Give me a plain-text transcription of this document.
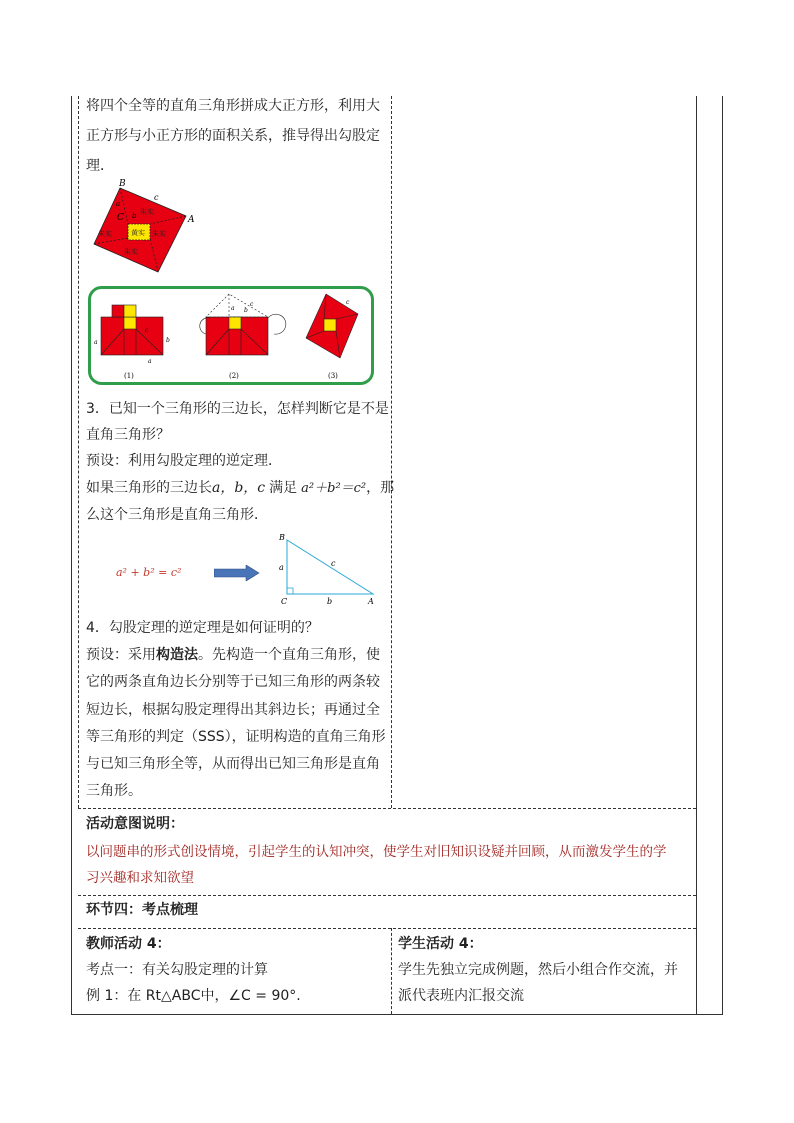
将四个全等的直角三角形拼成大正方形，利用大
正方形与小正方形的面积关系，推导得出勾股定
理．
B
C	A
c
a
b 朱实
朱实	朱实
朱实
黄实
a	b
a
c
(1)
c
a b
(2)
c
(3)
3．已知一个三角形的三边长，怎样判断它是不是
直角三角形？
预设：利用勾股定理的逆定理．
如果三角形的三边长a，b，c 满足 a²＋b²＝c²，那
么这个三角形是直角三角形．
a² + b² = c²
B
C	A
a
b
c
4．勾股定理的逆定理是如何证明的？
预设：采用构造法。先构造一个直角三角形，使
它的两条直角边长分别等于已知三角形的两条较
短边长，根据勾股定理得出其斜边长；再通过全
等三角形的判定（SSS），证明构造的直角三角形
与已知三角形全等，从而得出已知三角形是直角
三角形。
活动意图说明：
以问题串的形式创设情境，引起学生的认知冲突，使学生对旧知识设疑并回顾，从而激发学生的学
习兴趣和求知欲望
环节四：考点梳理
教师活动 4：
考点一：有关勾股定理的计算
例 1：在 Rt△ABC中，∠C = 90°.
学生活动 4：
学生先独立完成例题，然后小组合作交流，并
派代表班内汇报交流
